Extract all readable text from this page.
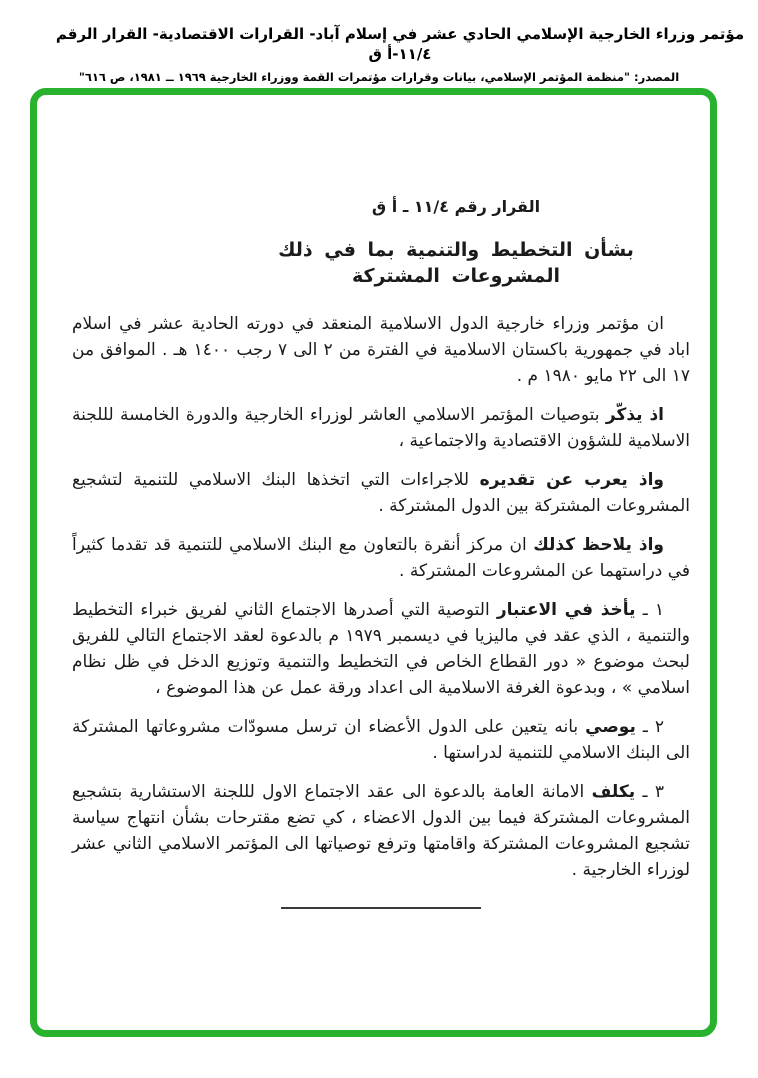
مؤتمر وزراء الخارجية الإسلامي الحادي عشر في إسلام آباد- القرارات الاقتصادية- القرار الرقم ١١/٤-أ ق
المصدر: "منظمة المؤتمر الإسلامي، بيانات وقرارات مؤتمرات القمة ووزراء الخارجية ١٩٦٩ ــ ١٩٨١، ص ٦١٦"
القرار رقم ١١/٤ ـ أ ق
بشأن التخطيط والتنمية بما في ذلك المشروعات المشتركة

ان مؤتمر وزراء خارجية الدول الاسلامية المنعقد في دورته الحادية عشر في اسلام اباد في جمهورية باكستان الاسلامية في الفترة من ٢ الى ٧ رجب ١٤٠٠ هـ . الموافق من ١٧ الى ٢٢ مايو ١٩٨٠ م .

اذ يذكّر بتوصيات المؤتمر الاسلامي العاشر لوزراء الخارجية والدورة الخامسة لللجنة الاسلامية للشؤون الاقتصادية والاجتماعية ،

واذ يعرب عن تقديره للاجراءات التي اتخذها البنك الاسلامي للتنمية لتشجيع المشروعات المشتركة بين الدول المشتركة .

واذ يلاحظ كذلك ان مركز أنقرة بالتعاون مع البنك الاسلامي للتنمية قد تقدما كثيراً في دراستهما عن المشروعات المشتركة .

١ ـ يأخذ في الاعتبار التوصية التي أصدرها الاجتماع الثاني لفريق خبراء التخطيط والتنمية ، الذي عقد في ماليزيا في ديسمبر ١٩٧٩ م بالدعوة لعقد الاجتماع التالي للفريق لبحث موضوع « دور القطاع الخاص في التخطيط والتنمية وتوزيع الدخل في ظل نظام اسلامي » ، وبدعوة الغرفة الاسلامية الى اعداد ورقة عمل عن هذا الموضوع ،

٢ ـ يوصي بانه يتعين على الدول الأعضاء ان ترسل مسودّات مشروعاتها المشتركة الى البنك الاسلامي للتنمية لدراستها .

٣ ـ يكلف الامانة العامة بالدعوة الى عقد الاجتماع الاول لللجنة الاستشارية بتشجيع المشروعات المشتركة فيما بين الدول الاعضاء ، كي تضع مقترحات بشأن انتهاج سياسة تشجيع المشروعات المشتركة واقامتها وترفع توصياتها الى المؤتمر الاسلامي الثاني عشر لوزراء الخارجية .
